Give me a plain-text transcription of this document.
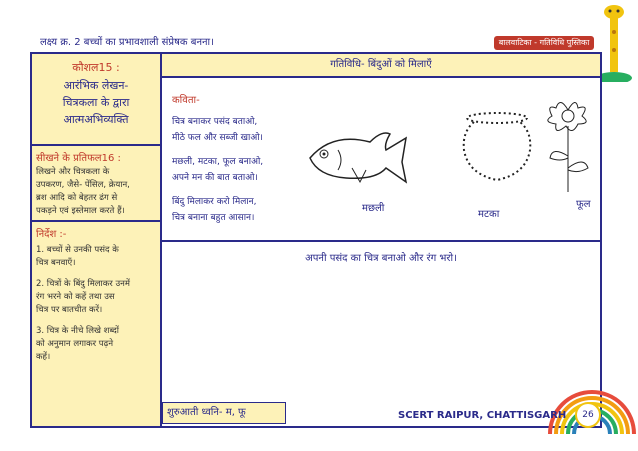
लक्ष्य क्र. 2 बच्चों का प्रभावशाली संप्रेषक बनना।	बालवाटिका - गतिविधि पुस्तिका
कौशल15 :
आरंभिक लेखन-
चित्रकला के द्वारा
आत्मअभिव्यक्ति
सीखने के प्रतिफल16 :
लिखने और चित्रकला के
उपकरण, जैसे- पेंसिल, क्रेयान,
ब्रश आदि को बेहतर ढंग से
पकड़ने एवं इस्तेमाल करते हैं।
निर्देश :-
1. बच्चों से उनकी पसंद के
चित्र बनवाएँ।
2. चित्रों के बिंदु मिलाकर उनमें
रंग भरने को कहें तथा उस
चित्र पर बातचीत करें।
3. चित्र के नीचे लिखे शब्दों
को अनुमान लगाकर पढ़ने
कहें।
गतिविधि- बिंदुओं को मिलाएँ
कविता-
चित्र बनाकर पसंद बताओ,
मीठे फल और सब्जी खाओ।
मछली, मटका, फूल बनाओ,
अपने मन की बात बताओ।
बिंदु मिलाकर करो मिलान,
चित्र बनाना बहुत आसान।
मछली
मटका
फूल
अपनी पसंद का चित्र बनाओ और रंग भरो।
शुरुआती ध्वनि- म, फू	SCERT RAIPUR, CHATTISGARH	26
